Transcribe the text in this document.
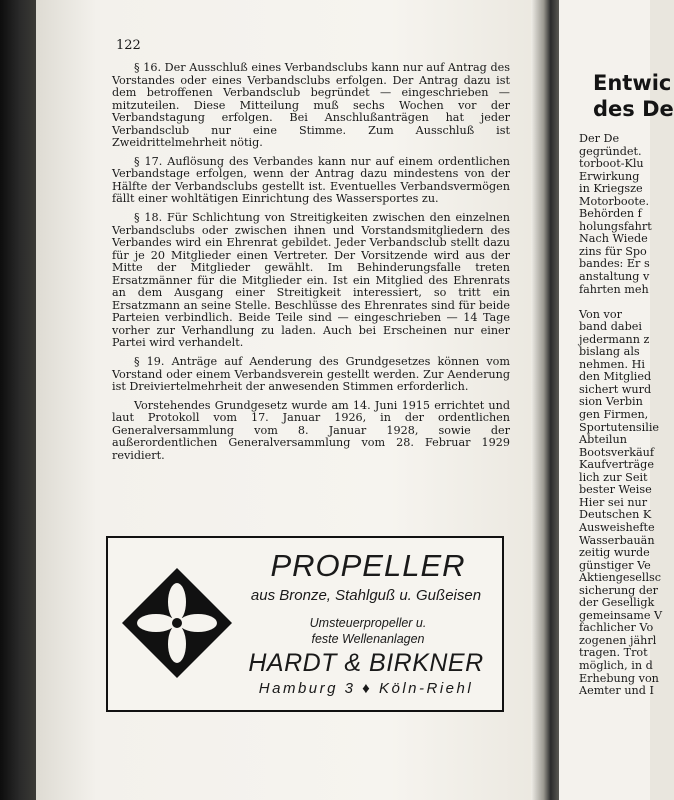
122

§ 16. Der Ausschluß eines Verbandsclubs kann nur auf Antrag des Vorstandes oder eines Verbandsclubs erfolgen. Der Antrag dazu ist dem betroffenen Verbandsclub begründet — eingeschrieben — mitzuteilen. Diese Mitteilung muß sechs Wochen vor der Verbandstagung erfolgen. Bei Anschlußanträgen hat jeder Verbandsclub nur eine Stimme. Zum Ausschluß ist Zweidrittelmehrheit nötig.

§ 17. Auflösung des Verbandes kann nur auf einem ordentlichen Verbandstage erfolgen, wenn der Antrag dazu mindestens von der Hälfte der Verbandsclubs gestellt ist. Eventuelles Verbandsvermögen fällt einer wohltätigen Einrichtung des Wassersportes zu.

§ 18. Für Schlichtung von Streitigkeiten zwischen den einzelnen Verbandsclubs oder zwischen ihnen und Vorstandsmitgliedern des Verbandes wird ein Ehrenrat gebildet. Jeder Verbandsclub stellt dazu für je 20 Mitglieder einen Vertreter. Der Vorsitzende wird aus der Mitte der Mitglieder gewählt. Im Behinderungsfalle treten Ersatzmänner für die Mitglieder ein. Ist ein Mitglied des Ehrenrats an dem Ausgang einer Streitigkeit interessiert, so tritt ein Ersatzmann an seine Stelle. Beschlüsse des Ehrenrates sind für beide Parteien verbindlich. Beide Teile sind — eingeschrieben — 14 Tage vorher zur Verhandlung zu laden. Auch bei Erscheinen nur einer Partei wird verhandelt.

§ 19. Anträge auf Aenderung des Grundgesetzes können vom Vorstand oder einem Verbandsverein gestellt werden. Zur Aenderung ist Dreiviertelmehrheit der anwesenden Stimmen erforderlich.

Vorstehendes Grundgesetz wurde am 14. Juni 1915 errichtet und laut Protokoll vom 17. Januar 1926, in der ordentlichen Generalversammlung vom 8. Januar 1928, sowie der außerordentlichen Generalversammlung vom 28. Februar 1929 revidiert.

PROPELLER
aus Bronze, Stahlguß u. Gußeisen
Umsteuerpropeller u.
feste Wellenanlagen
HARDT & BIRKNER
Hamburg 3 ♦ Köln-Riehl
Entwic
des De
Der De
gegründet.
torboot-Klu
Erwirkung
in Kriegsze
Motorboote.
Behörden f
holungsfahrt
Nach Wiede
zins für Spo
bandes: Er s
anstaltung v
fahrten meh
Von vor
band dabei
jedermann z
bislang als
nehmen. Hi
den Mitglied
sichert wurd
sion Verbin
gen Firmen,
Sportutensilie
Abteilun
Bootsverkäuf
Kaufverträge
lich zur Seit
bester Weise
Hier sei nur
Deutschen K
Ausweishefte
Wasserbauän
zeitig wurde
günstiger Ve
Aktiengesellsc
sicherung der
der Geselligk
gemeinsame V
fachlicher Vo
zogenen jährl
tragen. Trot
möglich, in d
Erhebung von
Aemter und I
